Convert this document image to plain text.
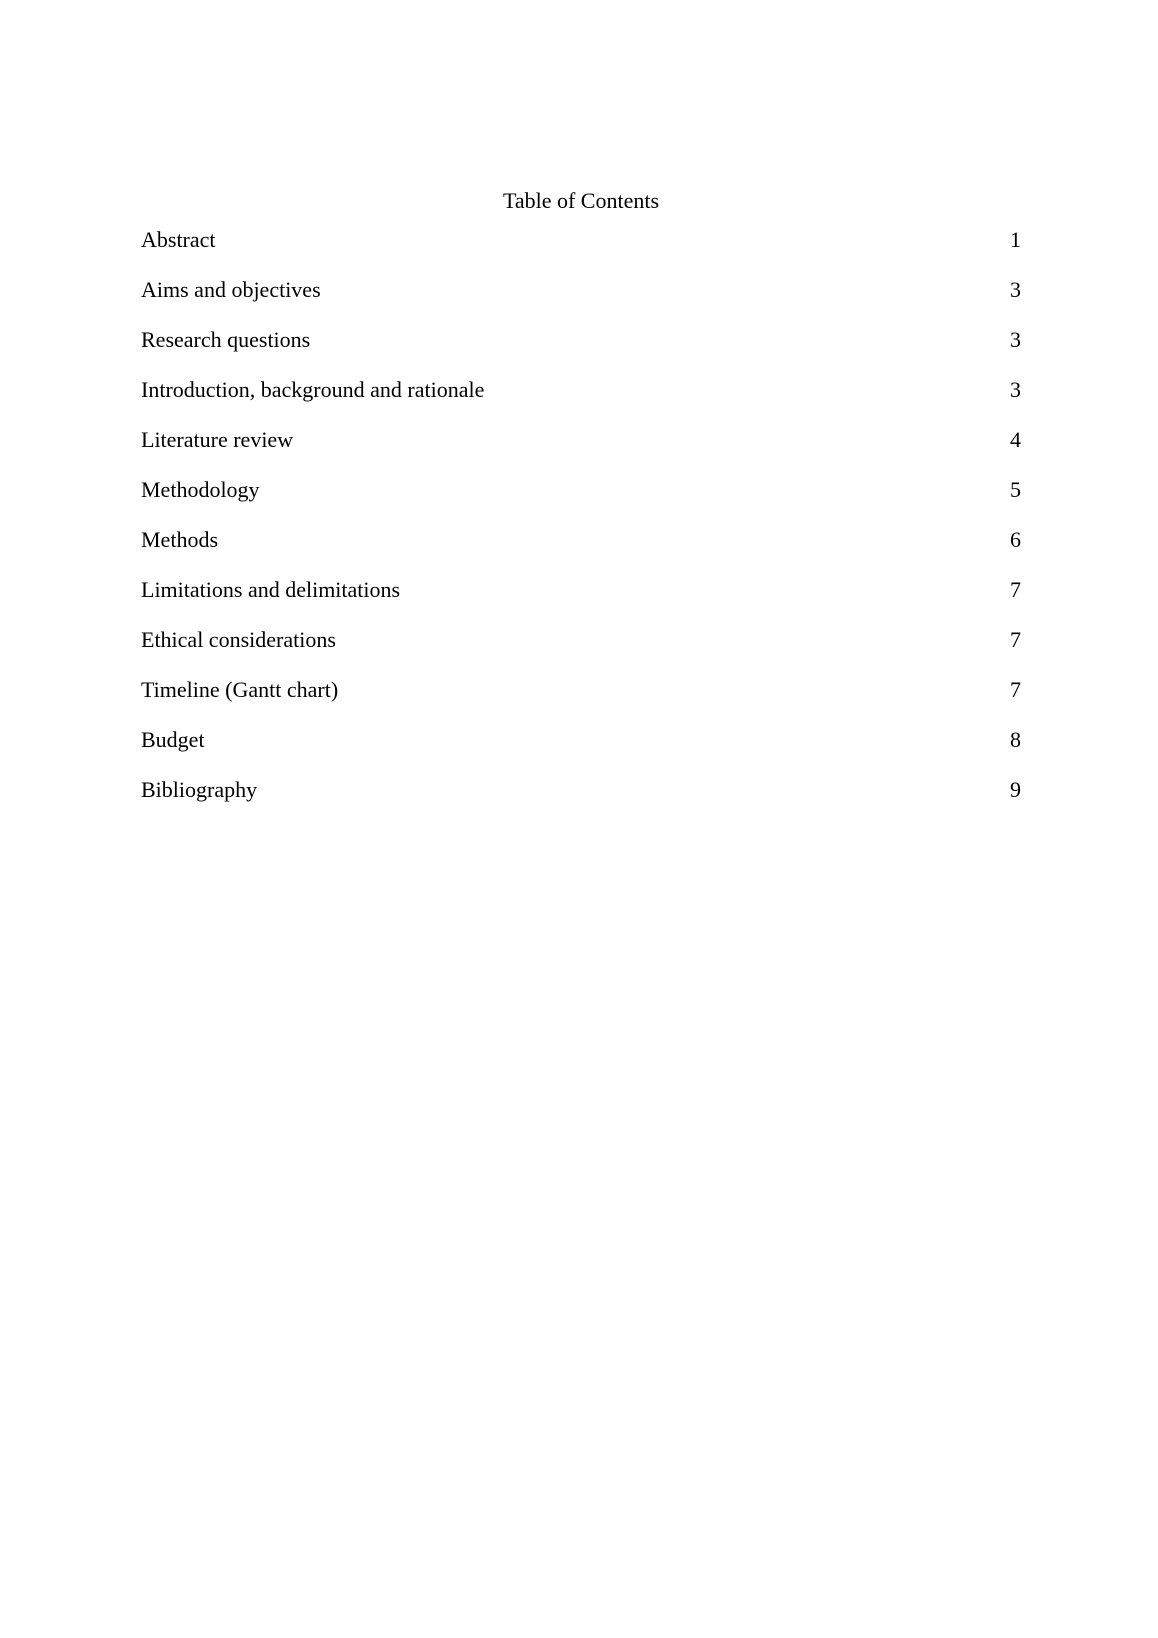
Table of Contents
Abstract	1
Aims and objectives	3
Research questions	3
Introduction, background and rationale	3
Literature review	4
Methodology	5
Methods	6
Limitations and delimitations	7
Ethical considerations	7
Timeline (Gantt chart)	7
Budget	8
Bibliography	9
